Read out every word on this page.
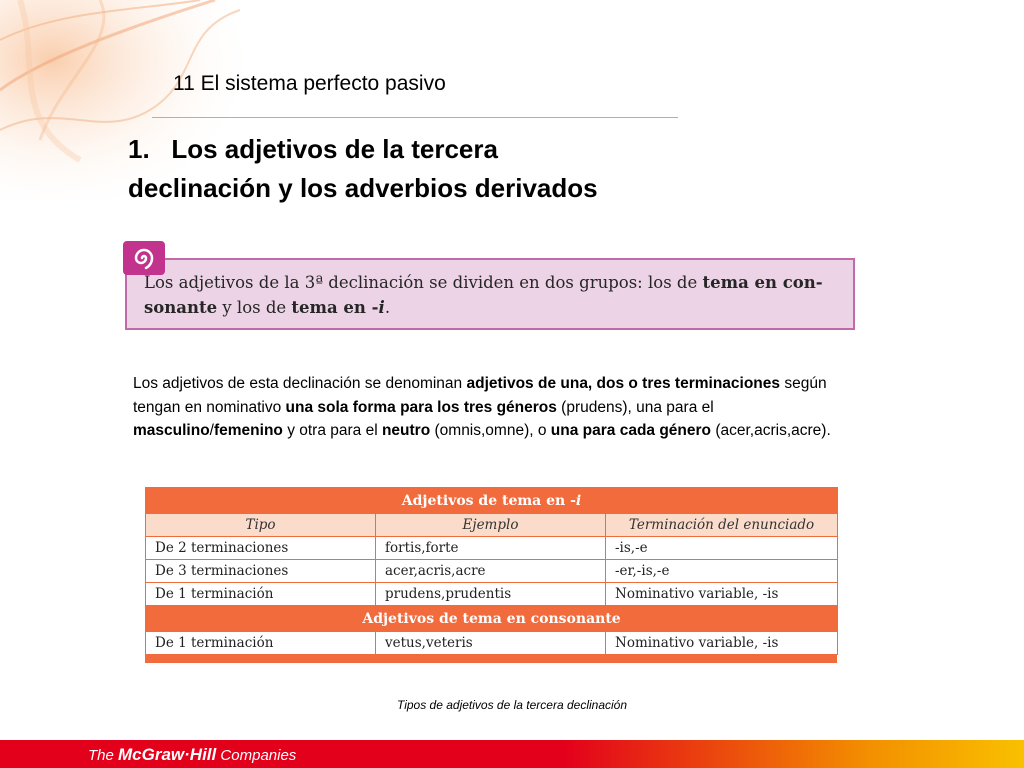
11 El sistema perfecto pasivo
1.   Los adjetivos de la tercera
declinación y los adverbios derivados
Los adjetivos de la 3ª declinación se dividen en dos grupos: los de tema en con-
sonante y los de tema en -i.
Los adjetivos de esta declinación se denominan adjetivos de una, dos o tres terminaciones según tengan en nominativo una sola forma para los tres géneros (prudens), una para el masculino/femenino y otra para el neutro (omnis,omne), o una para cada género (acer,acris,acre).
Adjetivos de tema en -i		
Tipo	Ejemplo	Terminación del enunciado
De 2 terminaciones	fortis,forte	-is,-e
De 3 terminaciones	acer,acris,acre	-er,-is,-e
De 1 terminación	prudens,prudentis	Nominativo variable, -is
Adjetivos de tema en consonante		
De 1 terminación	vetus,veteris	Nominativo variable, -is
Tipos de adjetivos de la tercera declinación
The McGraw·Hill Companies
